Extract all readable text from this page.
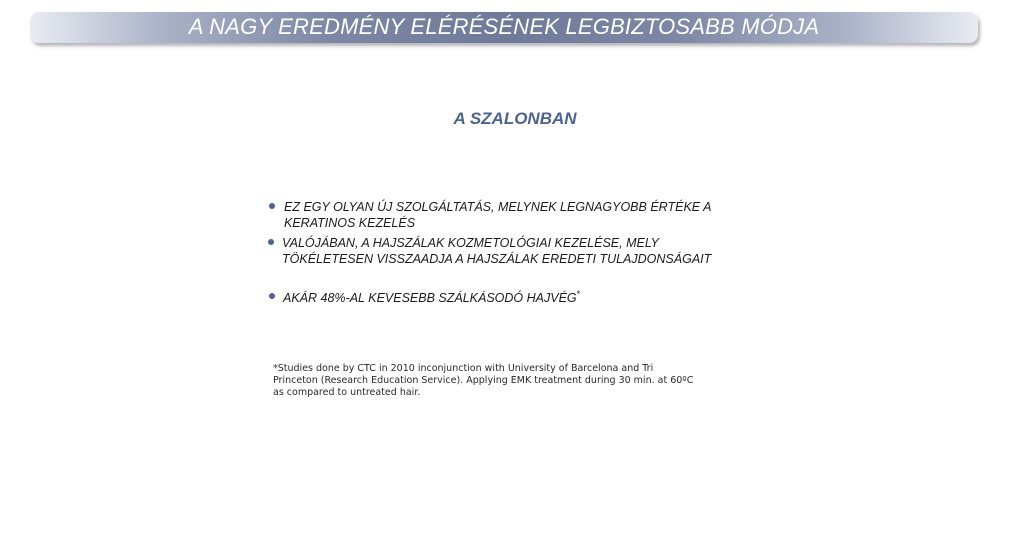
A NAGY EREDMÉNY ELÉRÉSÉNEK LEGBIZTOSABB MÓDJA
A SZALONBAN
EZ EGY OLYAN ÚJ SZOLGÁLTATÁS, MELYNEK LEGNAGYOBB ÉRTÉKE A
KERATINOS KEZELÉS
VALÓJÁBAN, A HAJSZÁLAK KOZMETOLÓGIAI KEZELÉSE, MELY
TÖKÉLETESEN VISSZAADJA A HAJSZÁLAK EREDETI TULAJDONSÁGAIT
AKÁR 48%-AL KEVESEBB SZÁLKÁSODÓ HAJVÉG*
*Studies done by CTC in 2010 inconjunction with University of Barcelona and Tri
Princeton (Research Education Service). Applying EMK treatment during 30 min. at 60ºC
as compared to untreated hair.
